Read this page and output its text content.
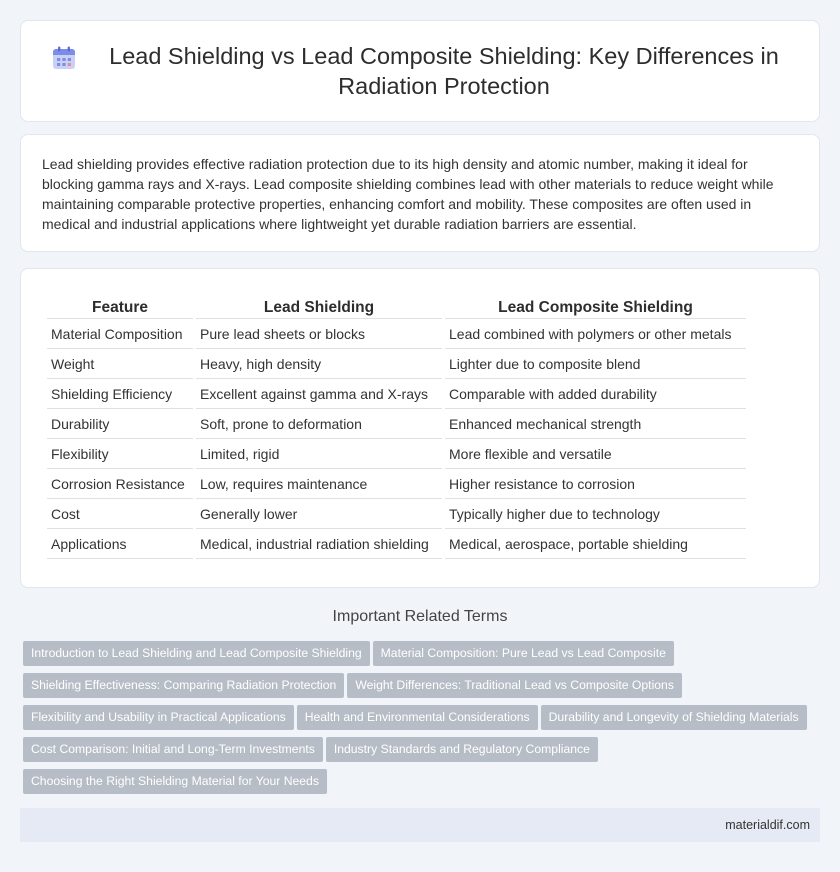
Lead Shielding vs Lead Composite Shielding: Key Differences in Radiation Protection

Lead shielding provides effective radiation protection due to its high density and atomic number, making it ideal for blocking gamma rays and X-rays. Lead composite shielding combines lead with other materials to reduce weight while maintaining comparable protective properties, enhancing comfort and mobility. These composites are often used in medical and industrial applications where lightweight yet durable radiation barriers are essential.

Feature	Lead Shielding	Lead Composite Shielding
Material Composition	Pure lead sheets or blocks	Lead combined with polymers or other metals
Weight	Heavy, high density	Lighter due to composite blend
Shielding Efficiency	Excellent against gamma and X-rays	Comparable with added durability
Durability	Soft, prone to deformation	Enhanced mechanical strength
Flexibility	Limited, rigid	More flexible and versatile
Corrosion Resistance	Low, requires maintenance	Higher resistance to corrosion
Cost	Generally lower	Typically higher due to technology
Applications	Medical, industrial radiation shielding	Medical, aerospace, portable shielding
Important Related Terms
Introduction to Lead Shielding and Lead Composite Shielding Material Composition: Pure Lead vs Lead Composite
Shielding Effectiveness: Comparing Radiation Protection Weight Differences: Traditional Lead vs Composite Options
Flexibility and Usability in Practical Applications Health and Environmental Considerations Durability and Longevity of Shielding Materials
Cost Comparison: Initial and Long-Term Investments Industry Standards and Regulatory Compliance
Choosing the Right Shielding Material for Your Needs
materialdif.com
